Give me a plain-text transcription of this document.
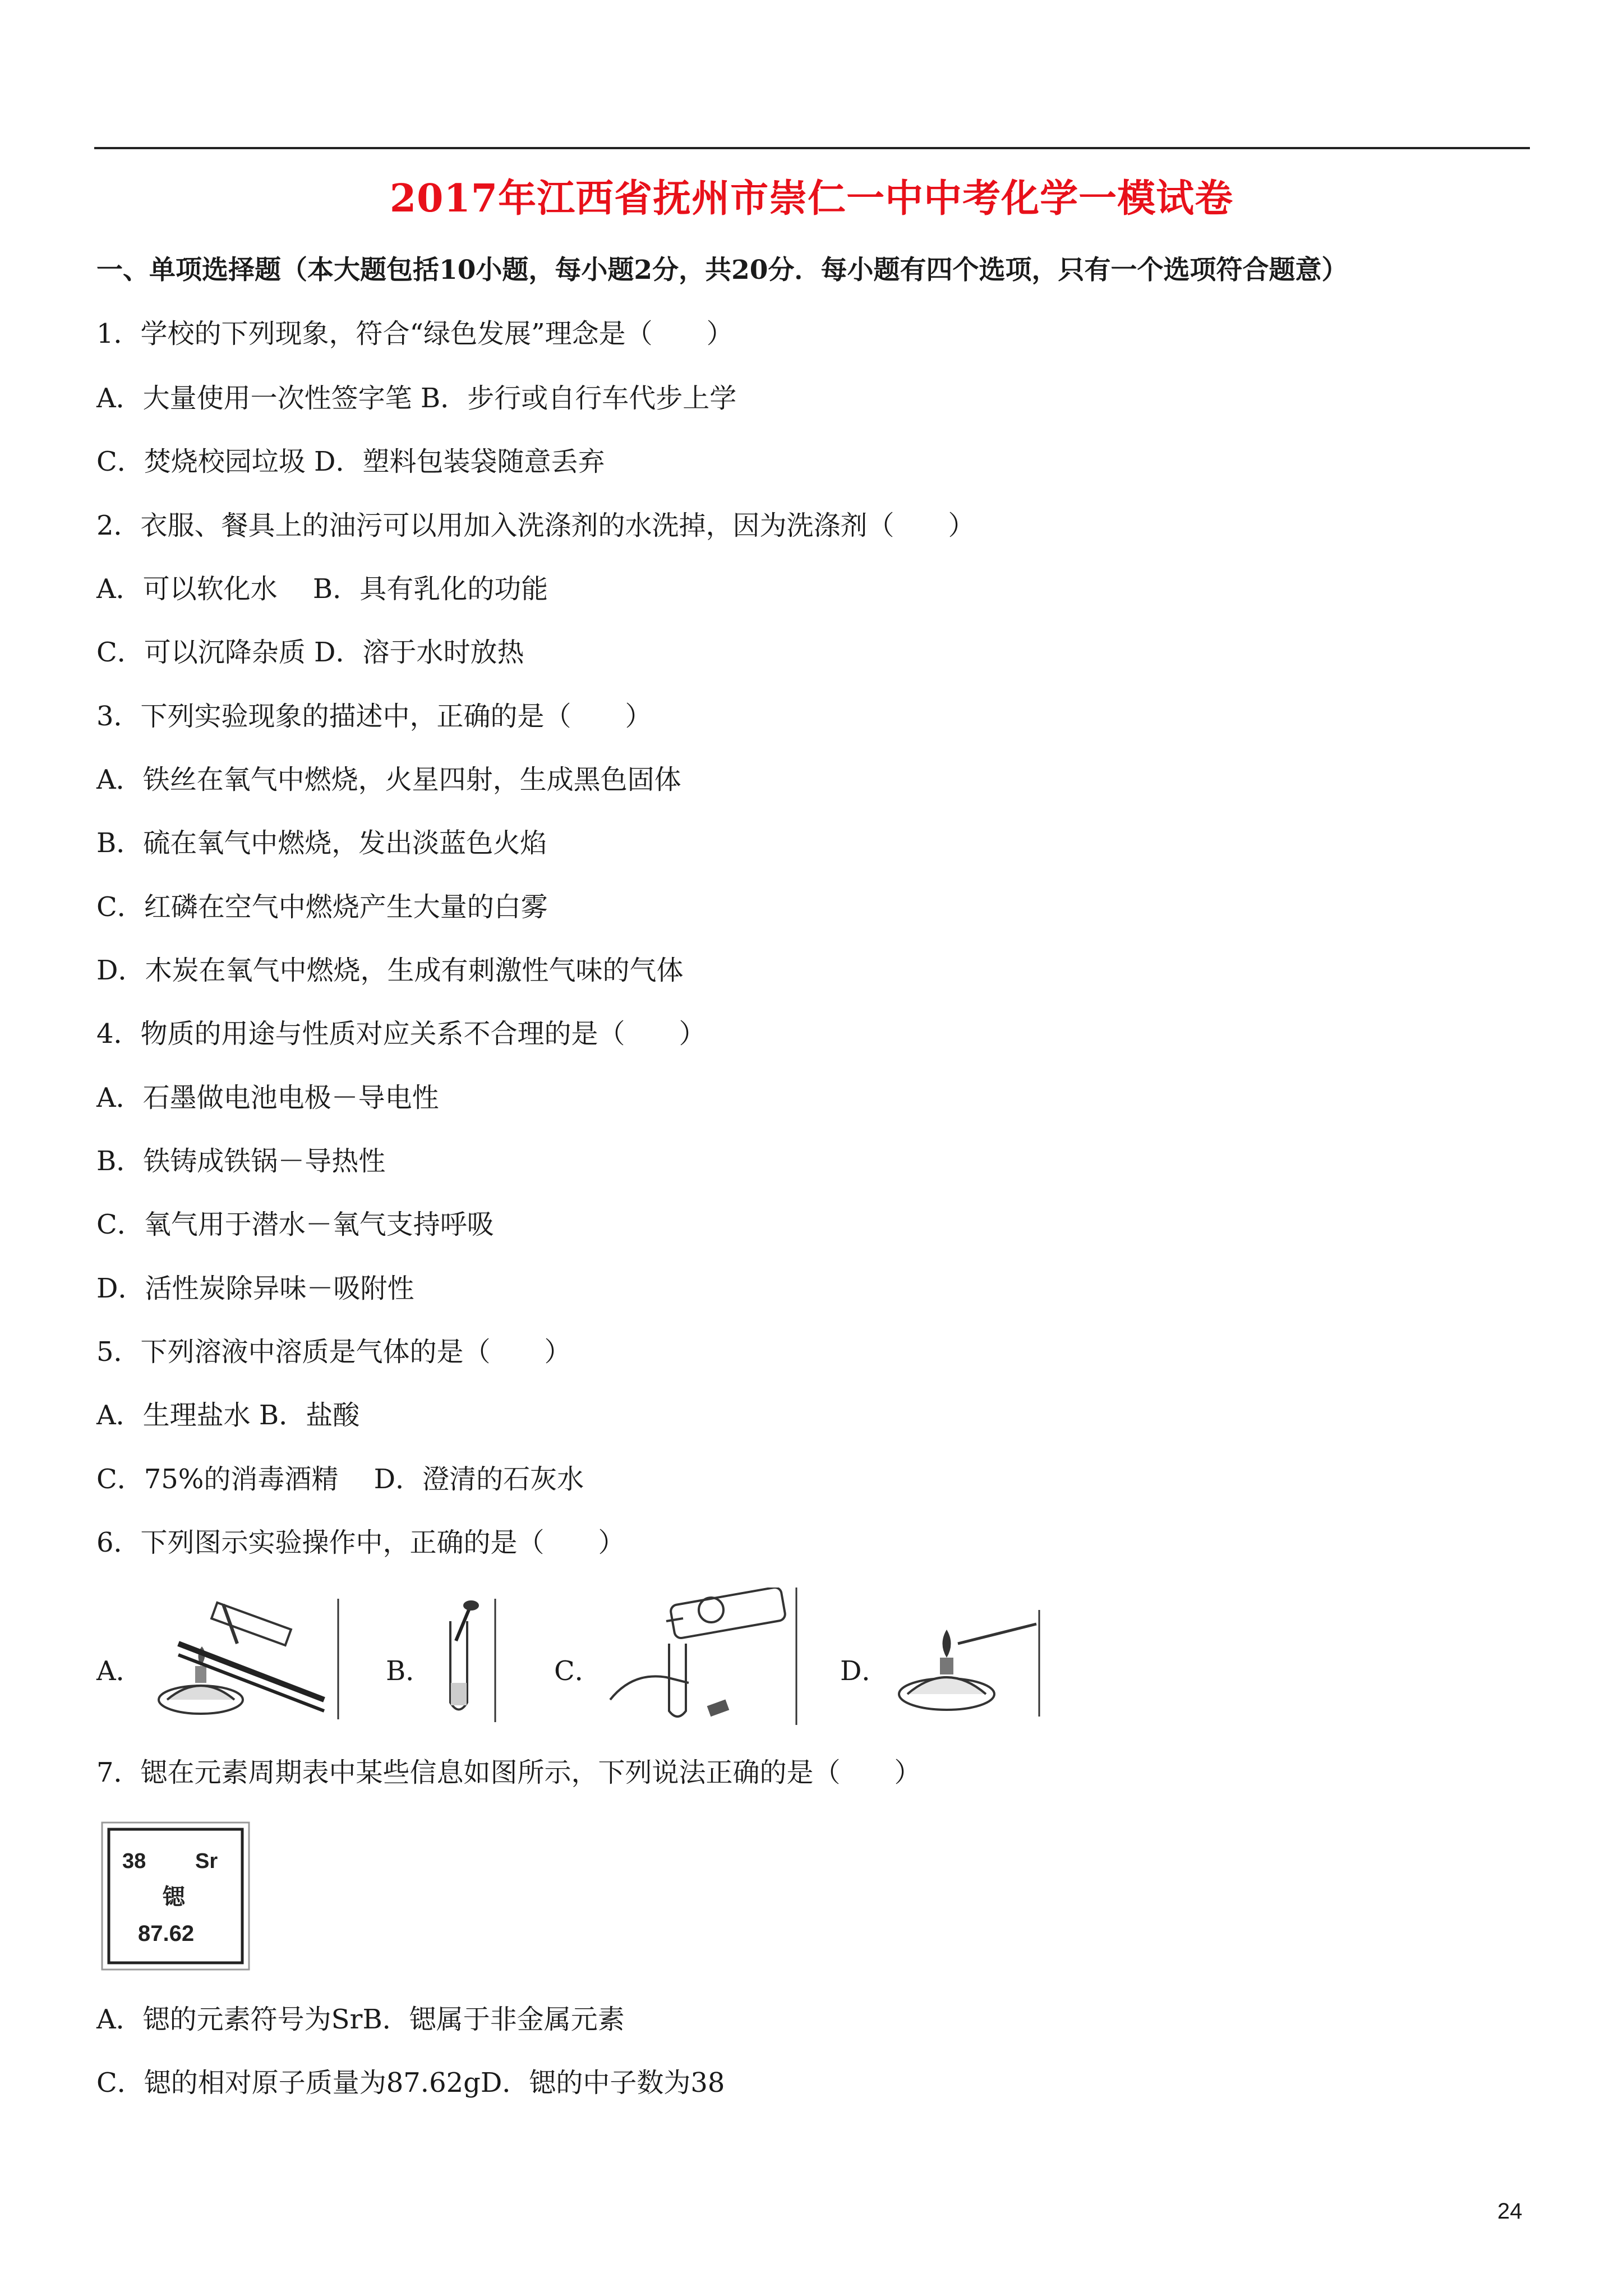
2017年江西省抚州市崇仁一中中考化学一模试卷
一、单项选择题（本大题包括10小题，每小题2分，共20分．每小题有四个选项，只有一个选项符合题意）
1．学校的下列现象，符合“绿色发展”理念是（　　）
A．大量使用一次性签字笔 B．步行或自行车代步上学
C．焚烧校园垃圾 D．塑料包装袋随意丢弃
2．衣服、餐具上的油污可以用加入洗涤剂的水洗掉，因为洗涤剂（　　）
A．可以软化水　 B．具有乳化的功能
C．可以沉降杂质 D．溶于水时放热
3．下列实验现象的描述中，正确的是（　　）
A．铁丝在氧气中燃烧，火星四射，生成黑色固体
B．硫在氧气中燃烧，发出淡蓝色火焰
C．红磷在空气中燃烧产生大量的白雾
D．木炭在氧气中燃烧，生成有刺激性气味的气体
4．物质的用途与性质对应关系不合理的是（　　）
A．石墨做电池电极－导电性
B．铁铸成铁锅－导热性
C．氧气用于潜水－氧气支持呼吸
D．活性炭除异味－吸附性
5．下列溶液中溶质是气体的是（　　）
A．生理盐水 B．盐酸
C．75%的消毒酒精　 D．澄清的石灰水
6．下列图示实验操作中，正确的是（　　）
A．	B．	C．	D．
7．锶在元素周期表中某些信息如图所示，下列说法正确的是（　　）
38 Sr
锶
87.62
A．锶的元素符号为SrB．锶属于非金属元素
C．锶的相对原子质量为87.62gD．锶的中子数为38
24
